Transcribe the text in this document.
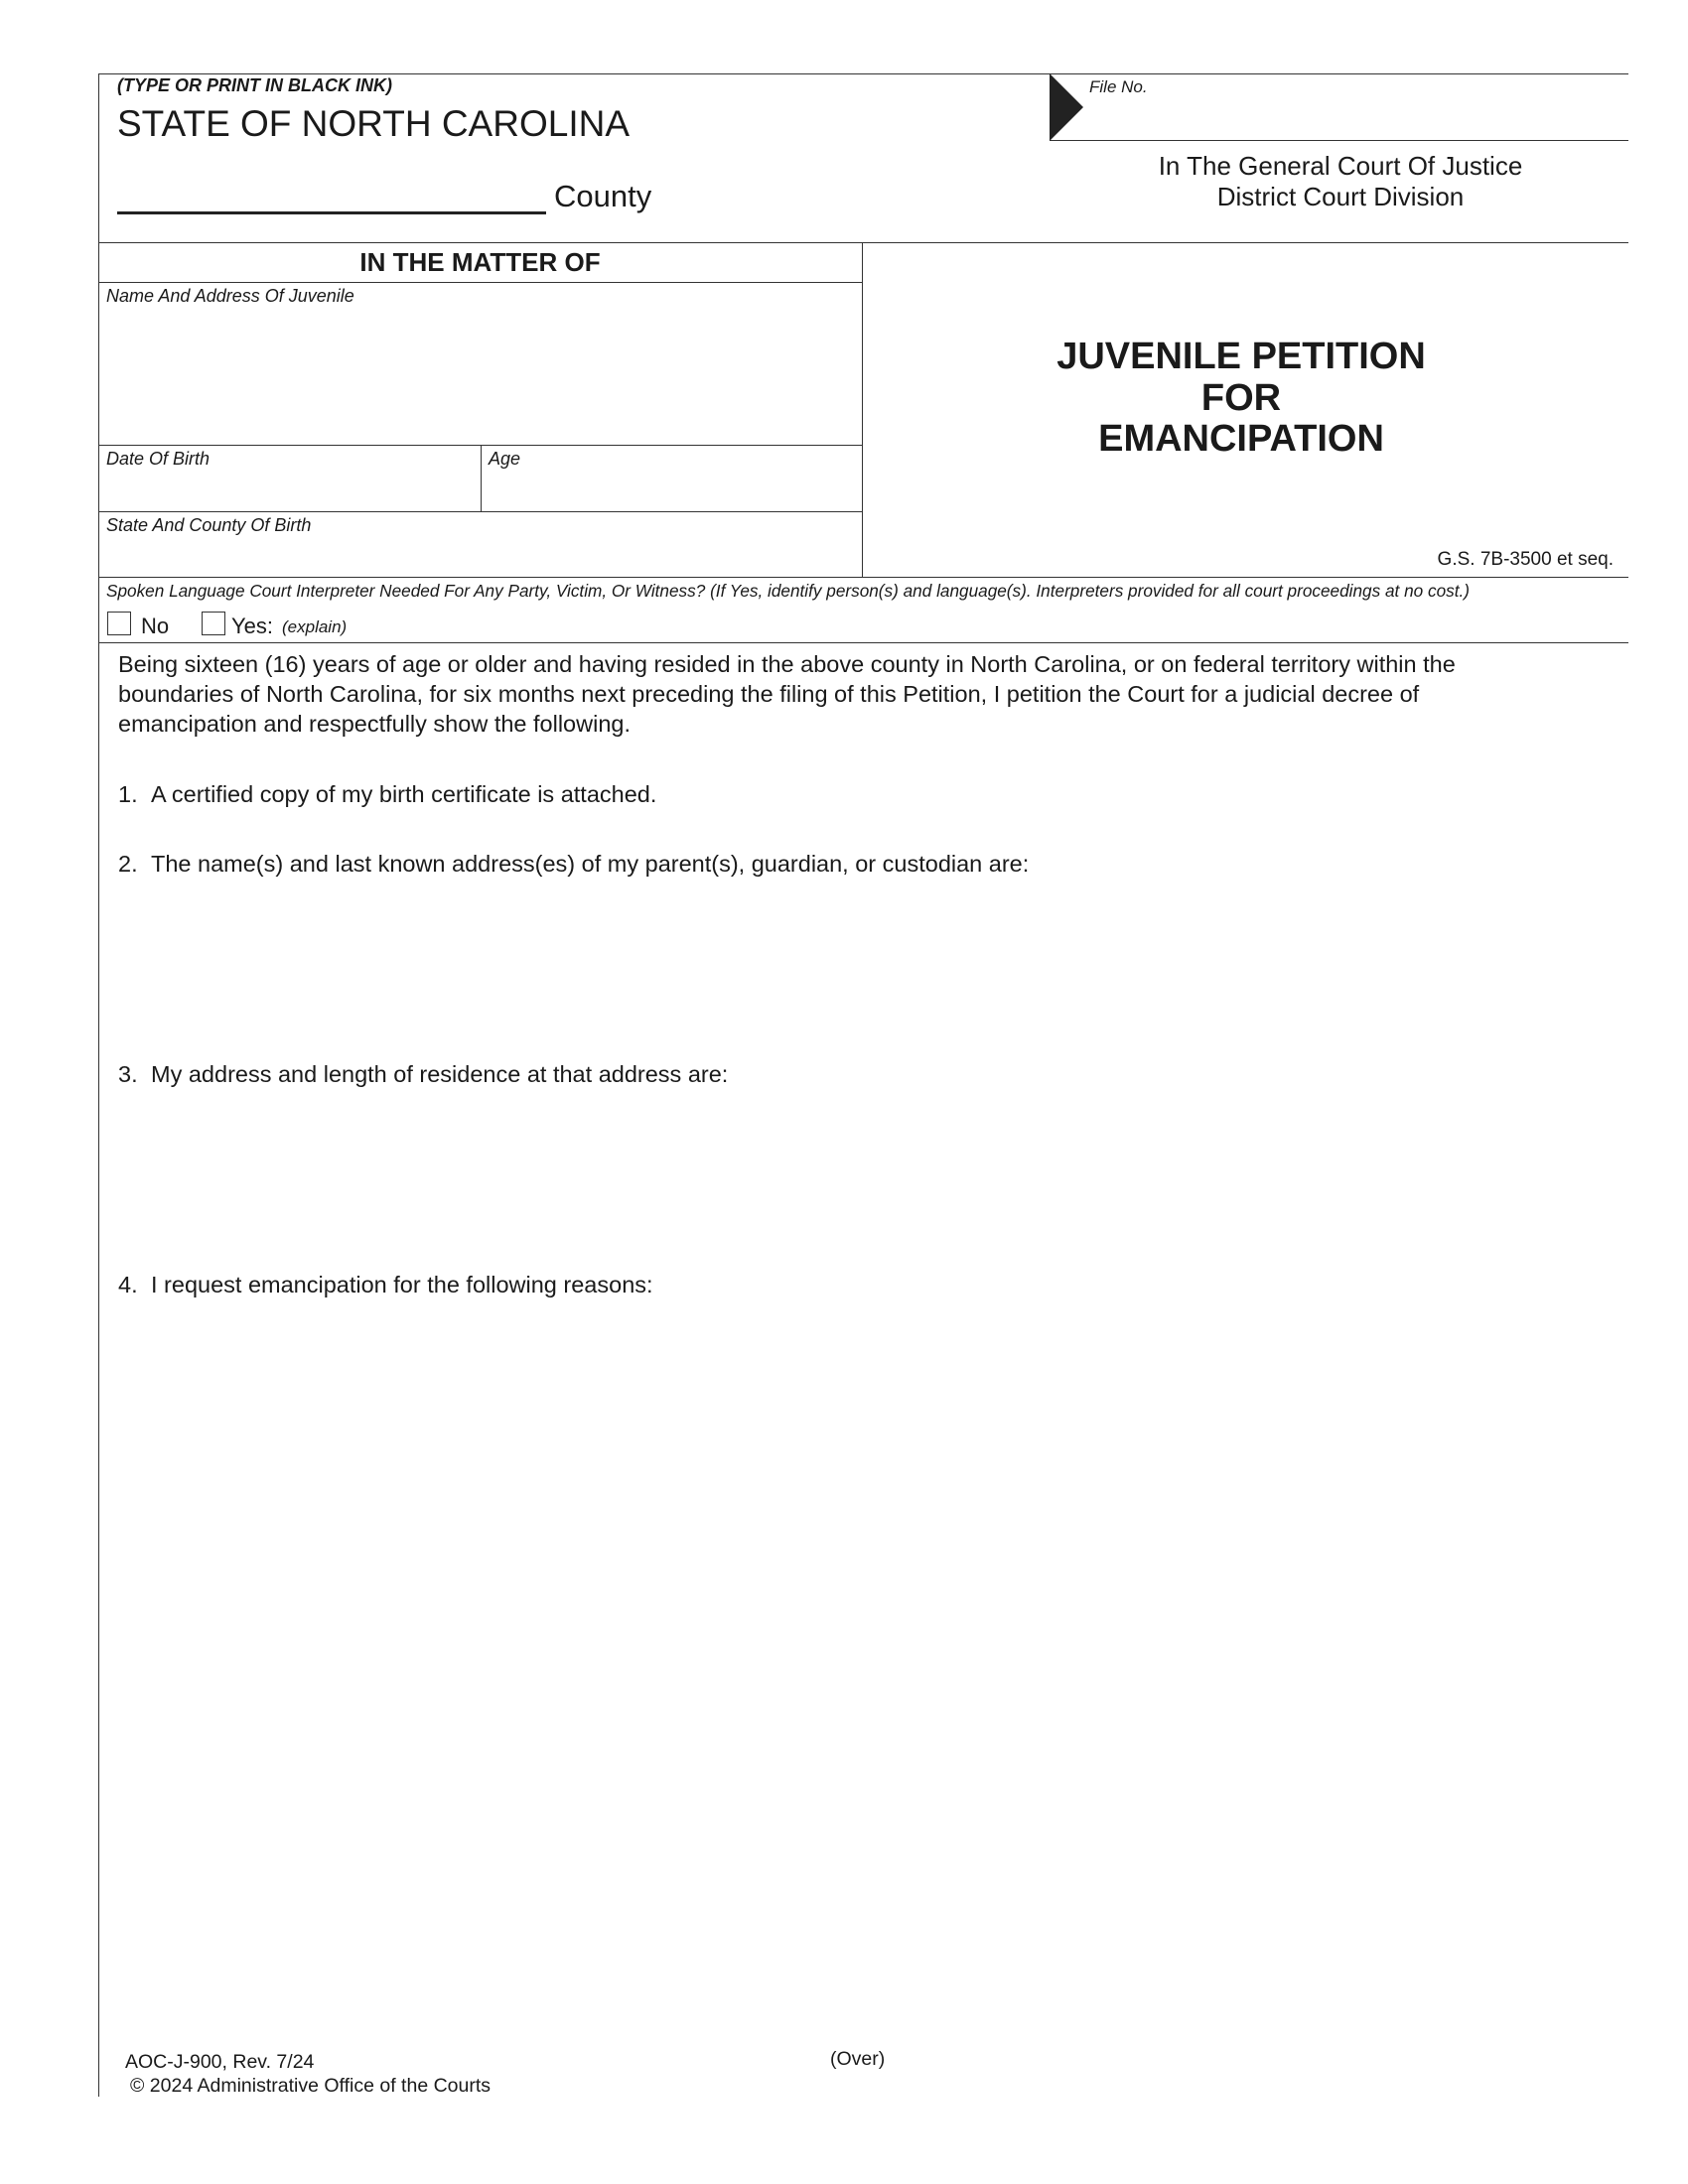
(TYPE OR PRINT IN BLACK INK)
STATE OF NORTH CAROLINA
County
File No.
In The General Court Of Justice
District Court Division
IN THE MATTER OF
Name And Address Of Juvenile
Date Of Birth	Age
State And County Of Birth
JUVENILE PETITION
FOR
EMANCIPATION
G.S. 7B-3500 et seq.
Spoken Language Court Interpreter Needed For Any Party, Victim, Or Witness? (If Yes, identify person(s) and language(s). Interpreters provided for all court proceedings at no cost.)
No	Yes: (explain)
Being sixteen (16) years of age or older and having resided in the above county in North Carolina, or on federal territory within the
boundaries of North Carolina, for six months next preceding the filing of this Petition, I petition the Court for a judicial decree of
emancipation and respectfully show the following.
1. A certified copy of my birth certificate is attached.
2. The name(s) and last known address(es) of my parent(s), guardian, or custodian are:
3. My address and length of residence at that address are:
4. I request emancipation for the following reasons:
AOC-J-900, Rev. 7/24
© 2024 Administrative Office of the Courts
(Over)
